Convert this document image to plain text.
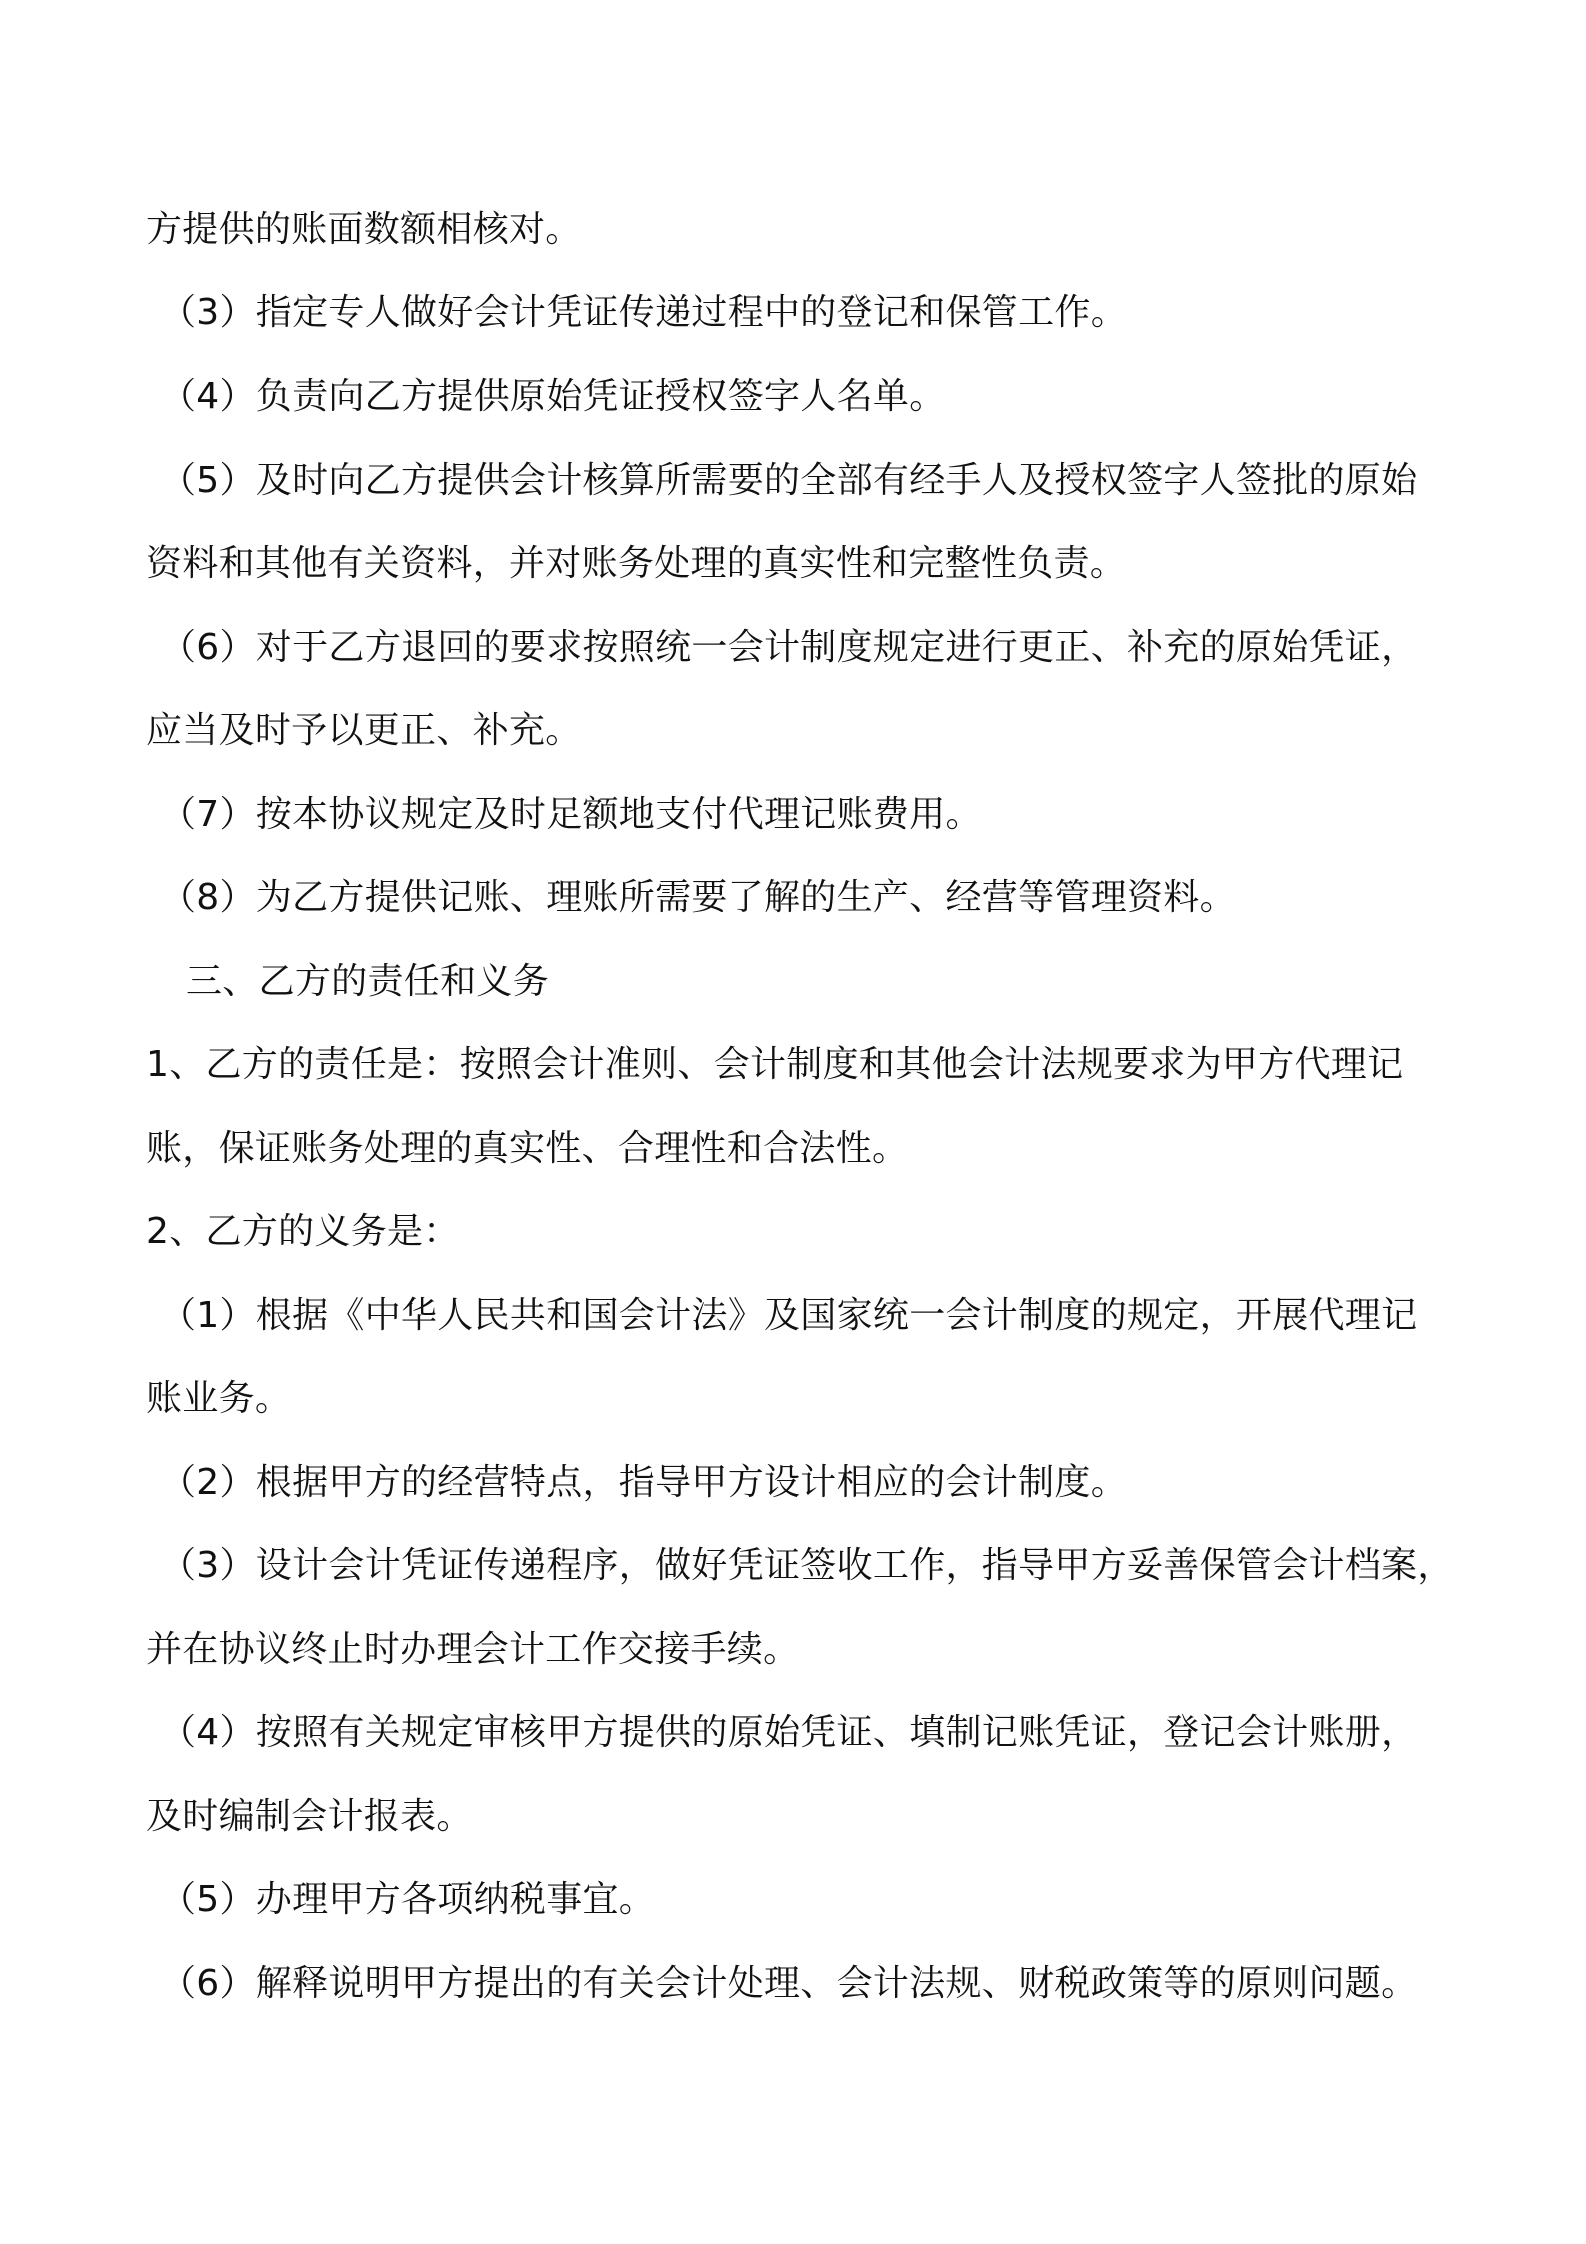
方提供的账面数额相核对。
（3）指定专人做好会计凭证传递过程中的登记和保管工作。
（4）负责向乙方提供原始凭证授权签字人名单。
（5）及时向乙方提供会计核算所需要的全部有经手人及授权签字人签批的原始
资料和其他有关资料，并对账务处理的真实性和完整性负责。
（6）对于乙方退回的要求按照统一会计制度规定进行更正、补充的原始凭证，
应当及时予以更正、补充。
（7）按本协议规定及时足额地支付代理记账费用。
（8）为乙方提供记账、理账所需要了解的生产、经营等管理资料。
三、乙方的责任和义务
1、乙方的责任是：按照会计准则、会计制度和其他会计法规要求为甲方代理记
账，保证账务处理的真实性、合理性和合法性。
2、乙方的义务是：
（1）根据《中华人民共和国会计法》及国家统一会计制度的规定，开展代理记
账业务。
（2）根据甲方的经营特点，指导甲方设计相应的会计制度。
（3）设计会计凭证传递程序，做好凭证签收工作，指导甲方妥善保管会计档案，
并在协议终止时办理会计工作交接手续。
（4）按照有关规定审核甲方提供的原始凭证、填制记账凭证，登记会计账册，
及时编制会计报表。
（5）办理甲方各项纳税事宜。
（6）解释说明甲方提出的有关会计处理、会计法规、财税政策等的原则问题。
